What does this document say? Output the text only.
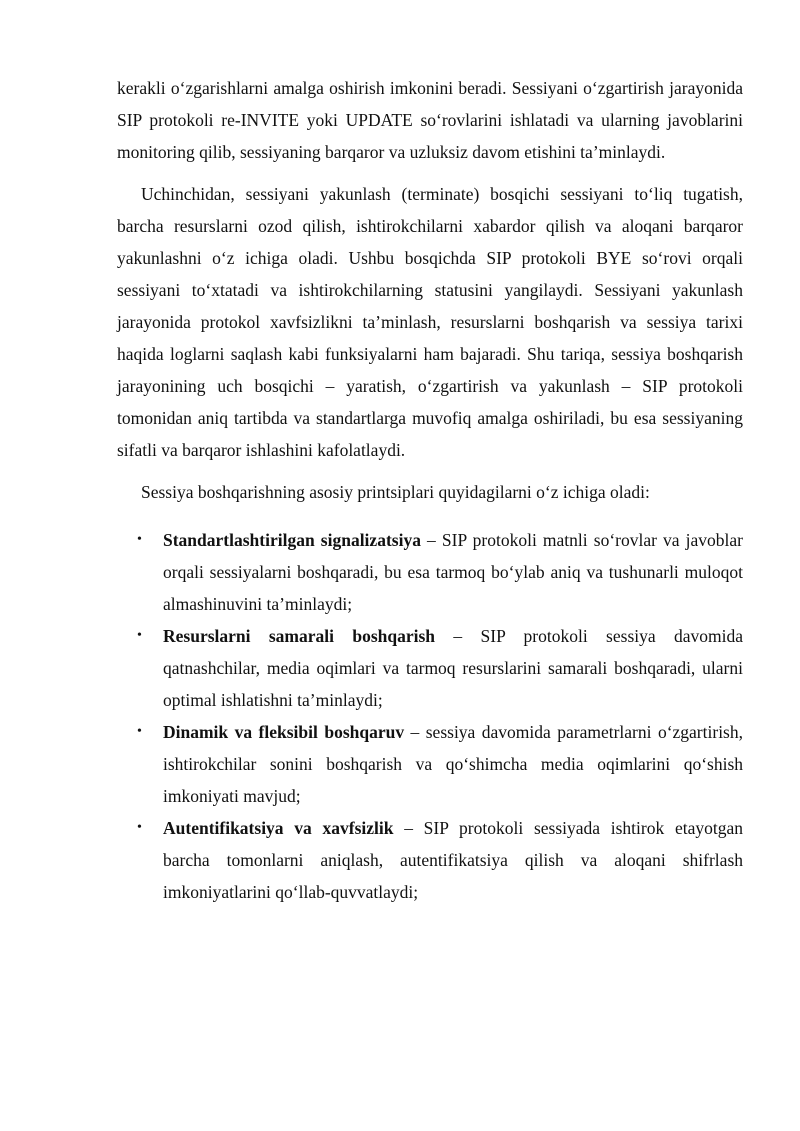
kerakli o‘zgarishlarni amalga oshirish imkonini beradi. Sessiyani o‘zgartirish jarayonida SIP protokoli re-INVITE yoki UPDATE so‘rovlarini ishlatadi va ularning javoblarini monitoring qilib, sessiyaning barqaror va uzluksiz davom etishini ta’minlaydi.

Uchinchidan, sessiyani yakunlash (terminate) bosqichi sessiyani to‘liq tugatish, barcha resurslarni ozod qilish, ishtirokchilarni xabardor qilish va aloqani barqaror yakunlashni o‘z ichiga oladi. Ushbu bosqichda SIP protokoli BYE so‘rovi orqali sessiyani to‘xtatadi va ishtirokchilarning statusini yangilaydi. Sessiyani yakunlash jarayonida protokol xavfsizlikni ta’minlash, resurslarni boshqarish va sessiya tarixi haqida loglarni saqlash kabi funksiyalarni ham bajaradi. Shu tariqa, sessiya boshqarish jarayonining uch bosqichi – yaratish, o‘zgartirish va yakunlash – SIP protokoli tomonidan aniq tartibda va standartlarga muvofiq amalga oshiriladi, bu esa sessiyaning sifatli va barqaror ishlashini kafolatlaydi.

Sessiya boshqarishning asosiy printsiplari quyidagilarni o‘z ichiga oladi:

• Standartlashtirilgan signalizatsiya – SIP protokoli matnli so‘rovlar va javoblar orqali sessiyalarni boshqaradi, bu esa tarmoq bo‘ylab aniq va tushunarli muloqot almashinuvini ta’minlaydi;
• Resurslarni samarali boshqarish – SIP protokoli sessiya davomida qatnashchilar, media oqimlari va tarmoq resurslarini samarali boshqaradi, ularni optimal ishlatishni ta’minlaydi;
• Dinamik va fleksibil boshqaruv – sessiya davomida parametrlarni o‘zgartirish, ishtirokchilar sonini boshqarish va qo‘shimcha media oqimlarini qo‘shish imkoniyati mavjud;
• Autentifikatsiya va xavfsizlik – SIP protokoli sessiyada ishtirok etayotgan barcha tomonlarni aniqlash, autentifikatsiya qilish va aloqani shifrlash imkoniyatlarini qo‘llab-quvvatlaydi;
